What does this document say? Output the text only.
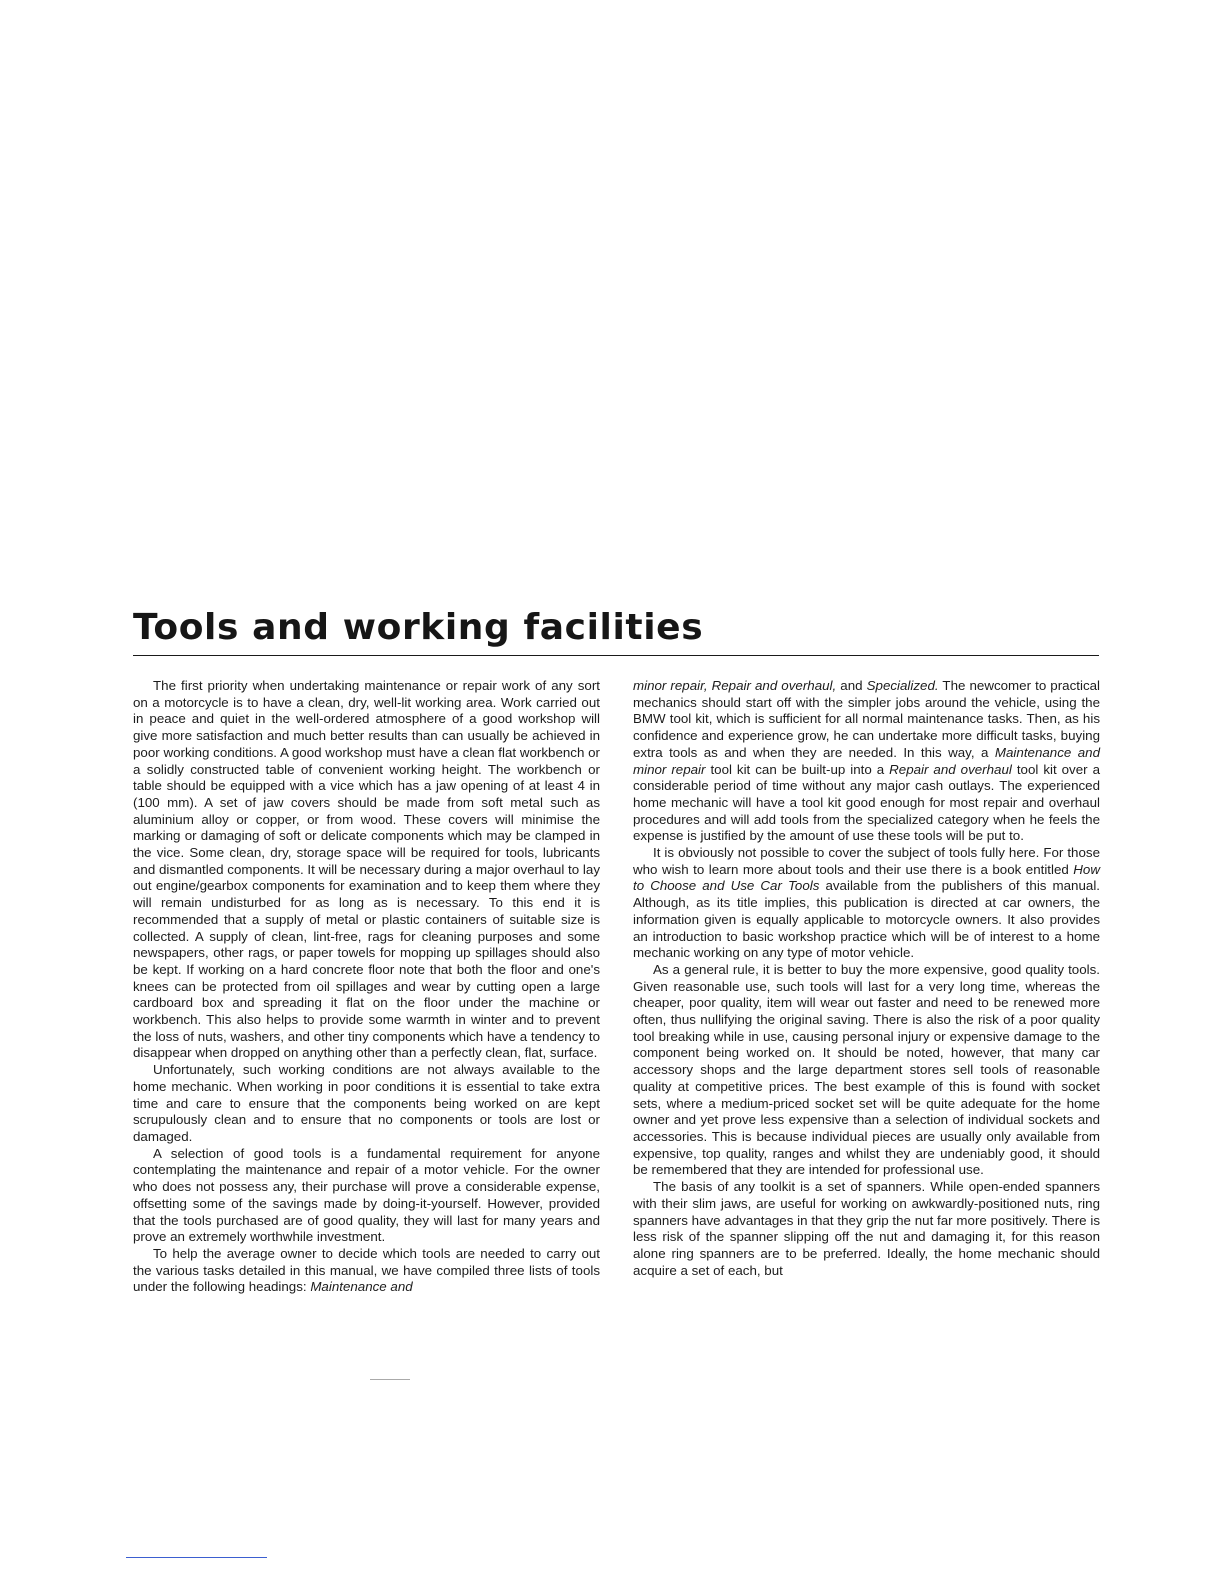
Tools and working facilities

The first priority when undertaking maintenance or repair work of any sort on a motorcycle is to have a clean, dry, well-lit working area. Work carried out in peace and quiet in the well-ordered atmosphere of a good workshop will give more satisfaction and much better results than can usually be achieved in poor working conditions. A good workshop must have a clean flat workbench or a solidly constructed table of convenient working height. The workbench or table should be equipped with a vice which has a jaw opening of at least 4 in (100 mm). A set of jaw covers should be made from soft metal such as aluminium alloy or copper, or from wood. These covers will minimise the marking or damaging of soft or delicate components which may be clamped in the vice. Some clean, dry, storage space will be required for tools, lubricants and dismantled components. It will be necessary during a major overhaul to lay out engine/gearbox components for examination and to keep them where they will remain undisturbed for as long as is necessary. To this end it is recommended that a supply of metal or plastic containers of suitable size is collected. A supply of clean, lint-free, rags for cleaning purposes and some newspapers, other rags, or paper towels for mopping up spillages should also be kept. If working on a hard concrete floor note that both the floor and one's knees can be protected from oil spillages and wear by cutting open a large cardboard box and spreading it flat on the floor under the machine or workbench. This also helps to provide some warmth in winter and to prevent the loss of nuts, washers, and other tiny components which have a tendency to disappear when dropped on anything other than a perfectly clean, flat, surface.

Unfortunately, such working conditions are not always available to the home mechanic. When working in poor conditions it is essential to take extra time and care to ensure that the components being worked on are kept scrupulously clean and to ensure that no components or tools are lost or damaged.

A selection of good tools is a fundamental requirement for anyone contemplating the maintenance and repair of a motor vehicle. For the owner who does not possess any, their purchase will prove a considerable expense, offsetting some of the savings made by doing-it-yourself. However, provided that the tools purchased are of good quality, they will last for many years and prove an extremely worthwhile investment.

To help the average owner to decide which tools are needed to carry out the various tasks detailed in this manual, we have compiled three lists of tools under the following headings: Maintenance and

minor repair, Repair and overhaul, and Specialized. The newcomer to practical mechanics should start off with the simpler jobs around the vehicle, using the BMW tool kit, which is sufficient for all normal maintenance tasks. Then, as his confidence and experience grow, he can undertake more difficult tasks, buying extra tools as and when they are needed. In this way, a Maintenance and minor repair tool kit can be built-up into a Repair and overhaul tool kit over a considerable period of time without any major cash outlays. The experienced home mechanic will have a tool kit good enough for most repair and overhaul procedures and will add tools from the specialized category when he feels the expense is justified by the amount of use these tools will be put to.

It is obviously not possible to cover the subject of tools fully here. For those who wish to learn more about tools and their use there is a book entitled How to Choose and Use Car Tools available from the publishers of this manual. Although, as its title implies, this publication is directed at car owners, the information given is equally applicable to motorcycle owners. It also provides an introduction to basic workshop practice which will be of interest to a home mechanic working on any type of motor vehicle.

As a general rule, it is better to buy the more expensive, good quality tools. Given reasonable use, such tools will last for a very long time, whereas the cheaper, poor quality, item will wear out faster and need to be renewed more often, thus nullifying the original saving. There is also the risk of a poor quality tool breaking while in use, causing personal injury or expensive damage to the component being worked on. It should be noted, however, that many car accessory shops and the large department stores sell tools of reasonable quality at competitive prices. The best example of this is found with socket sets, where a medium-priced socket set will be quite adequate for the home owner and yet prove less expensive than a selection of individual sockets and accessories. This is because individual pieces are usually only available from expensive, top quality, ranges and whilst they are undeniably good, it should be remembered that they are intended for professional use.

The basis of any toolkit is a set of spanners. While open-ended spanners with their slim jaws, are useful for working on awkwardly-positioned nuts, ring spanners have advantages in that they grip the nut far more positively. There is less risk of the spanner slipping off the nut and damaging it, for this reason alone ring spanners are to be preferred. Ideally, the home mechanic should acquire a set of each, but
